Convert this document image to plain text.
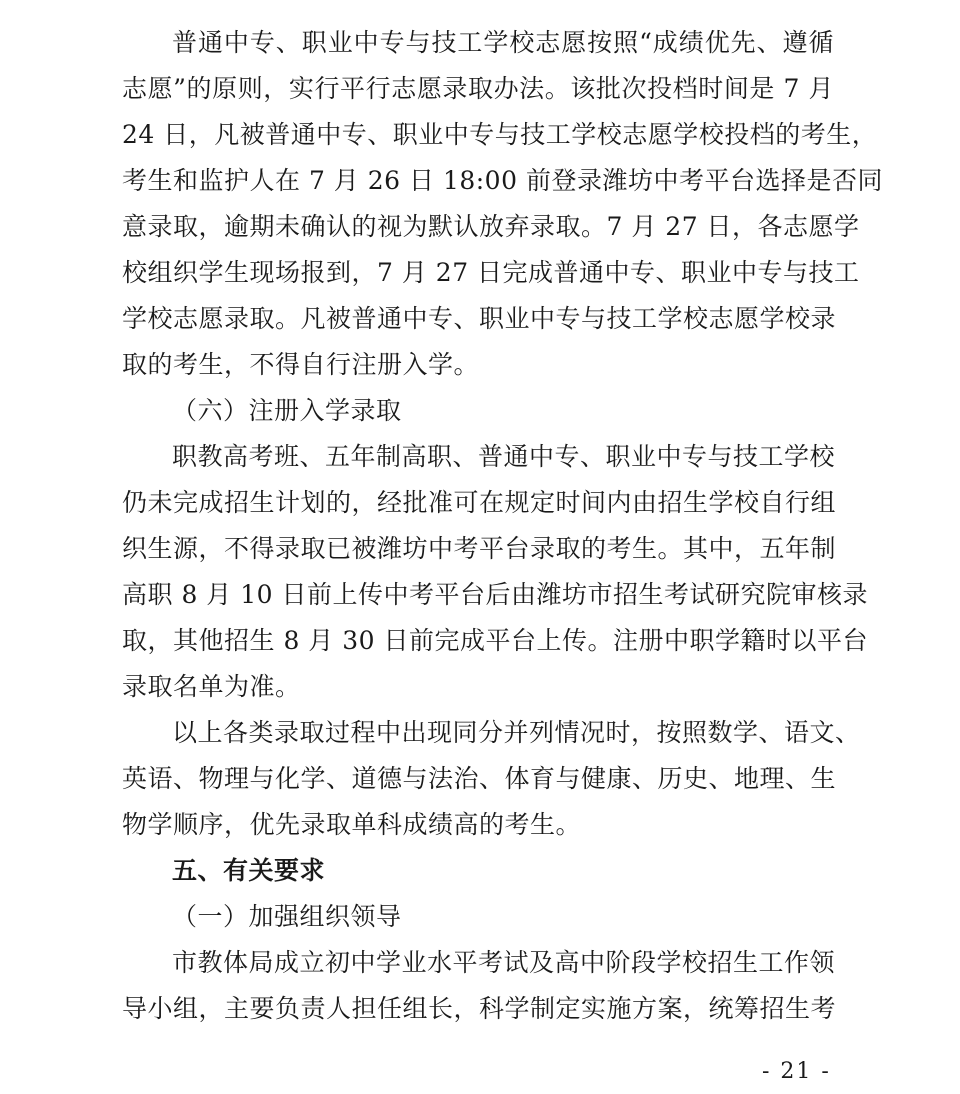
普通中专、职业中专与技工学校志愿按照“成绩优先、遵循
志愿”的原则，实行平行志愿录取办法。该批次投档时间是 7 月
24 日，凡被普通中专、职业中专与技工学校志愿学校投档的考生，
考生和监护人在 7 月 26 日 18:00 前登录潍坊中考平台选择是否同
意录取，逾期未确认的视为默认放弃录取。7 月 27 日，各志愿学
校组织学生现场报到，7 月 27 日完成普通中专、职业中专与技工
学校志愿录取。凡被普通中专、职业中专与技工学校志愿学校录
取的考生，不得自行注册入学。
（六）注册入学录取
职教高考班、五年制高职、普通中专、职业中专与技工学校
仍未完成招生计划的，经批准可在规定时间内由招生学校自行组
织生源，不得录取已被潍坊中考平台录取的考生。其中，五年制
高职 8 月 10 日前上传中考平台后由潍坊市招生考试研究院审核录
取，其他招生 8 月 30 日前完成平台上传。注册中职学籍时以平台
录取名单为准。
以上各类录取过程中出现同分并列情况时，按照数学、语文、
英语、物理与化学、道德与法治、体育与健康、历史、地理、生
物学顺序，优先录取单科成绩高的考生。
五、有关要求
（一）加强组织领导
市教体局成立初中学业水平考试及高中阶段学校招生工作领
导小组，主要负责人担任组长，科学制定实施方案，统筹招生考
- 21 -
